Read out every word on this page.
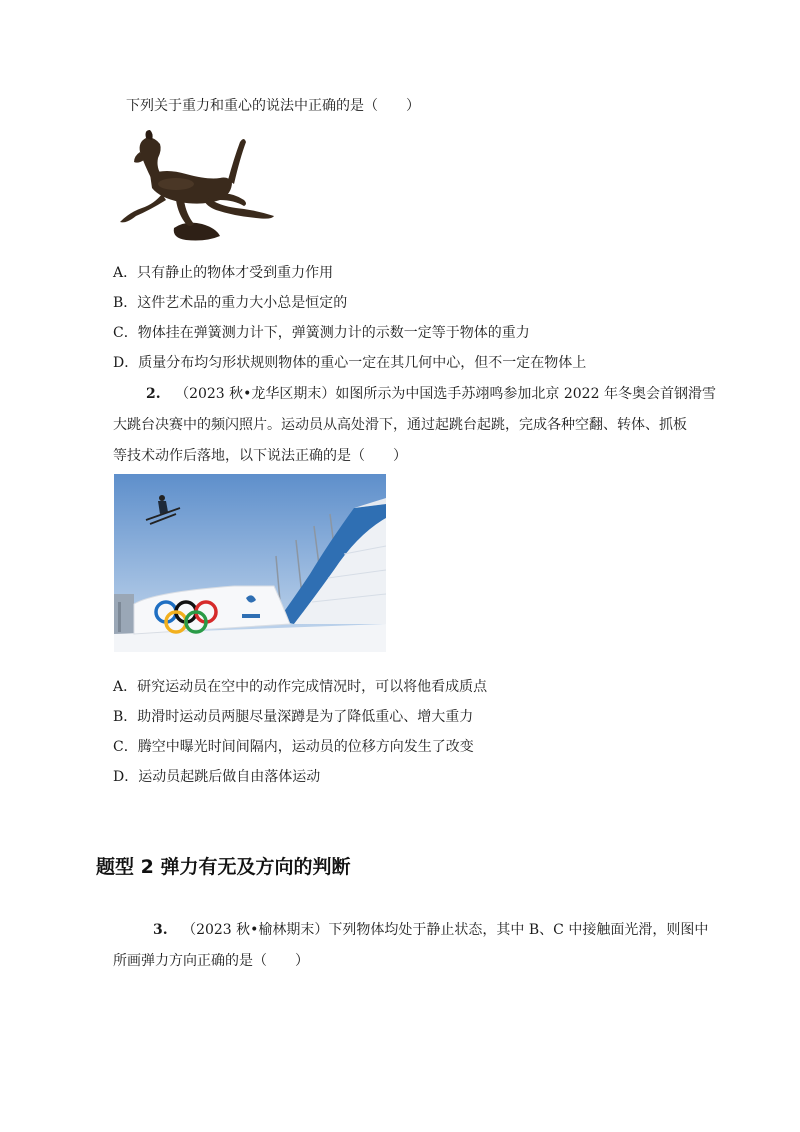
下列关于重力和重心的说法中正确的是（　　）
A．只有静止的物体才受到重力作用
B．这件艺术品的重力大小总是恒定的
C．物体挂在弹簧测力计下，弹簧测力计的示数一定等于物体的重力
D．质量分布均匀形状规则物体的重心一定在其几何中心，但不一定在物体上
2. （2023 秋•龙华区期末）如图所示为中国选手苏翊鸣参加北京 2022 年冬奥会首钢滑雪
大跳台决赛中的频闪照片。运动员从高处滑下，通过起跳台起跳，完成各种空翻、转体、抓板
等技术动作后落地，以下说法正确的是（　　）
A．研究运动员在空中的动作完成情况时，可以将他看成质点
B．助滑时运动员两腿尽量深蹲是为了降低重心、增大重力
C．腾空中曝光时间间隔内，运动员的位移方向发生了改变
D．运动员起跳后做自由落体运动
题型 2 弹力有无及方向的判断
3. （2023 秋•榆林期末）下列物体均处于静止状态，其中 B、C 中接触面光滑，则图中
所画弹力方向正确的是（　　）
